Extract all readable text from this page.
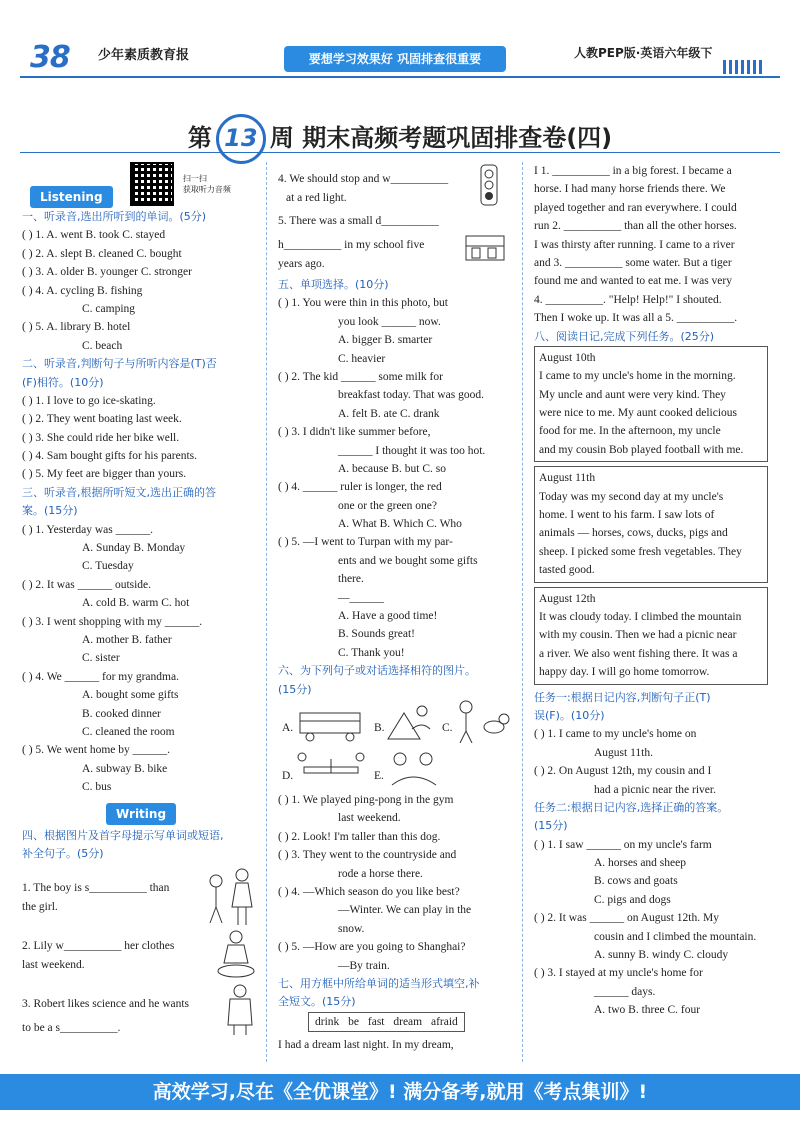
38 少年素质教育报	要想学习效果好 巩固排查很重要	人教PEP版·英语六年级下
第 13 周 期末高频考题巩固排查卷(四)
Listening
扫一扫
获取听力音频
一、听录音,选出所听到的单词。(5分)
( ) 1. A. went B. took C. stayed
( ) 2. A. slept B. cleaned C. bought
( ) 3. A. older B. younger C. stronger
( ) 4. A. cycling B. fishing
C. camping
( ) 5. A. library B. hotel
C. beach
二、听录音,判断句子与所听内容是(T)否
(F)相符。(10分)
( ) 1. I love to go ice-skating.
( ) 2. They went boating last week.
( ) 3. She could ride her bike well.
( ) 4. Sam bought gifts for his parents.
( ) 5. My feet are bigger than yours.
三、听录音,根据所听短文,选出正确的答
案。(15分)
( ) 1. Yesterday was ______.
A. Sunday B. Monday
C. Tuesday
( ) 2. It was ______ outside.
A. cold B. warm C. hot
( ) 3. I went shopping with my ______.
A. mother B. father
C. sister
( ) 4. We ______ for my grandma.
A. bought some gifts
B. cooked dinner
C. cleaned the room
( ) 5. We went home by ______.
A. subway B. bike
C. bus
Writing
四、根据图片及首字母提示写单词或短语,
补全句子。(5分)
1. The boy is s__________ than
the girl.
2. Lily w__________ her clothes
last weekend.
3. Robert likes science and he wants
to be a s__________.
4. We should stop and w__________
at a red light.
5. There was a small d__________
h__________ in my school five
years ago.
五、单项选择。(10分)
( ) 1. You were thin in this photo, but
you look ______ now.
A. bigger B. smarter
C. heavier
( ) 2. The kid ______ some milk for
breakfast today. That was good.
A. felt B. ate C. drank
( ) 3. I didn't like summer before,
______ I thought it was too hot.
A. because B. but C. so
( ) 4. ______ ruler is longer, the red
one or the green one?
A. What B. Which C. Who
( ) 5. —I went to Turpan with my par-
ents and we bought some gifts
there.
—______
A. Have a good time!
B. Sounds great!
C. Thank you!
六、为下列句子或对话选择相符的图片。
(15分)
A.	B.	C.
D.	E.
( ) 1. We played ping-pong in the gym
last weekend.
( ) 2. Look! I'm taller than this dog.
( ) 3. They went to the countryside and
rode a horse there.
( ) 4. —Which season do you like best?
—Winter. We can play in the
snow.
( ) 5. —How are you going to Shanghai?
—By train.
七、用方框中所给单词的适当形式填空,补
全短文。(15分)
drink be fast dream afraid
I had a dream last night. In my dream,
I 1. __________ in a big forest. I became a
horse. I had many horse friends there. We
played together and ran everywhere. I could
run 2. __________ than all the other horses.
I was thirsty after running. I came to a river
and 3. __________ some water. But a tiger
found me and wanted to eat me. I was very
4. __________. "Help! Help!" I shouted.
Then I woke up. It was all a 5. __________.
八、阅读日记,完成下列任务。(25分)
August 10th
I came to my uncle's home in the morning.
My uncle and aunt were very kind. They
were nice to me. My aunt cooked delicious
food for me. In the afternoon, my uncle
and my cousin Bob played football with me.
August 11th
Today was my second day at my uncle's
home. I went to his farm. I saw lots of
animals — horses, cows, ducks, pigs and
sheep. I picked some fresh vegetables. They
tasted good.
August 12th
It was cloudy today. I climbed the mountain
with my cousin. Then we had a picnic near
a river. We also went fishing there. It was a
happy day. I will go home tomorrow.
任务一:根据日记内容,判断句子正(T)
误(F)。(10分)
( ) 1. I came to my uncle's home on
August 11th.
( ) 2. On August 12th, my cousin and I
had a picnic near the river.
任务二:根据日记内容,选择正确的答案。
(15分)
( ) 1. I saw ______ on my uncle's farm
A. horses and sheep
B. cows and goats
C. pigs and dogs
( ) 2. It was ______ on August 12th. My
cousin and I climbed the mountain.
A. sunny B. windy C. cloudy
( ) 3. I stayed at my uncle's home for
______ days.
A. two B. three C. four
高效学习,尽在《全优课堂》! 满分备考,就用《考点集训》!
